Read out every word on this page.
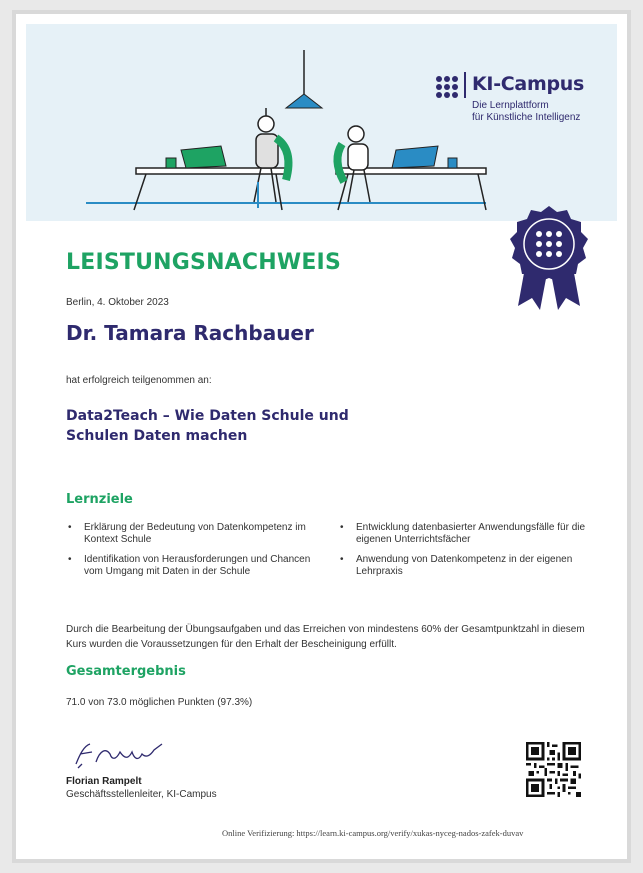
KI-Campus
Die Lernplattform
für Künstliche Intelligenz
LEISTUNGSNACHWEIS
Berlin, 4. Oktober 2023
Dr. Tamara Rachbauer
hat erfolgreich teilgenommen an:
Data2Teach – Wie Daten Schule und Schulen Daten machen
Lernziele
• Erklärung der Bedeutung von Datenkompetenz im Kontext Schule
• Entwicklung datenbasierter Anwendungsfälle für die eigenen Unterrichtsfächer
• Identifikation von Herausforderungen und Chancen vom Umgang mit Daten in der Schule
• Anwendung von Datenkompetenz in der eigenen Lehrpraxis
Durch die Bearbeitung der Übungsaufgaben und das Erreichen von mindestens 60% der Gesamtpunktzahl in diesem Kurs wurden die Voraussetzungen für den Erhalt der Bescheinigung erfüllt.
Gesamtergebnis
71.0 von 73.0 möglichen Punkten (97.3%)
Florian Rampelt
Geschäftsstellenleiter, KI-Campus
Online Verifizierung: https://learn.ki-campus.org/verify/xukas-nyceg-nados-zafek-duvav
